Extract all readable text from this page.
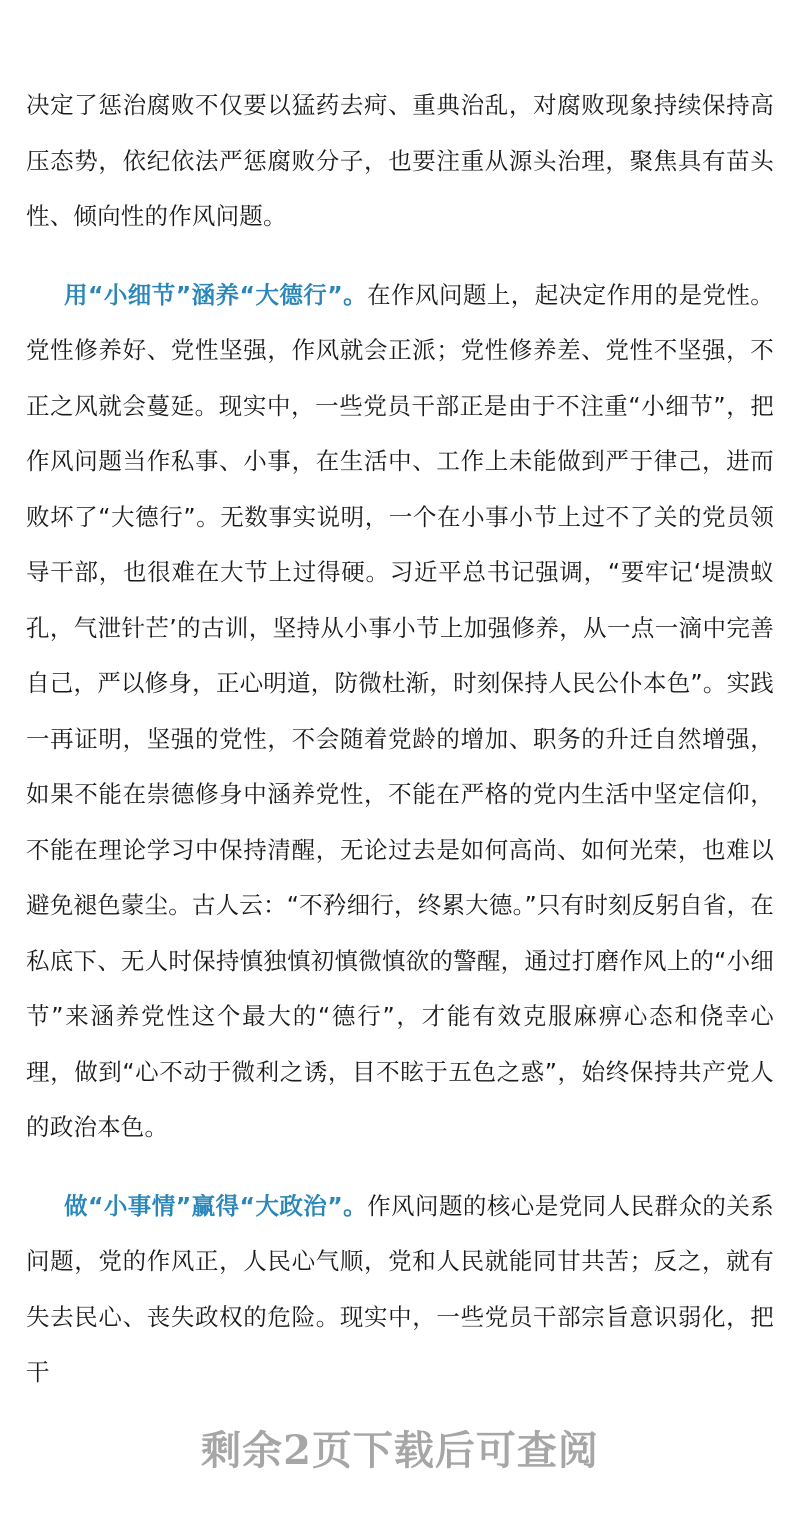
决定了惩治腐败不仅要以猛药去疴、重典治乱，对腐败现象持续保持高压态势，依纪依法严惩腐败分子，也要注重从源头治理，聚焦具有苗头性、倾向性的作风问题。

用“小细节”涵养“大德行”。在作风问题上，起决定作用的是党性。党性修养好、党性坚强，作风就会正派；党性修养差、党性不坚强，不正之风就会蔓延。现实中，一些党员干部正是由于不注重“小细节”，把作风问题当作私事、小事，在生活中、工作上未能做到严于律己，进而败坏了“大德行”。无数事实说明，一个在小事小节上过不了关的党员领导干部，也很难在大节上过得硬。习近平总书记强调，“要牢记‘堤溃蚁孔，气泄针芒’的古训，坚持从小事小节上加强修养，从一点一滴中完善自己，严以修身，正心明道，防微杜渐，时刻保持人民公仆本色”。实践一再证明，坚强的党性，不会随着党龄的增加、职务的升迁自然增强，如果不能在崇德修身中涵养党性，不能在严格的党内生活中坚定信仰，不能在理论学习中保持清醒，无论过去是如何高尚、如何光荣，也难以避免褪色蒙尘。古人云：“不矜细行，终累大德。”只有时刻反躬自省，在私底下、无人时保持慎独慎初慎微慎欲的警醒，通过打磨作风上的“小细节”来涵养党性这个最大的“德行”，才能有效克服麻痹心态和侥幸心理，做到“心不动于微利之诱，目不眩于五色之惑”，始终保持共产党人的政治本色。

做“小事情”赢得“大政治”。作风问题的核心是党同人民群众的关系问题，党的作风正，人民心气顺，党和人民就能同甘共苦；反之，就有失去民心、丧失政权的危险。现实中，一些党员干部宗旨意识弱化，把干

剩余2页下载后可查阅
